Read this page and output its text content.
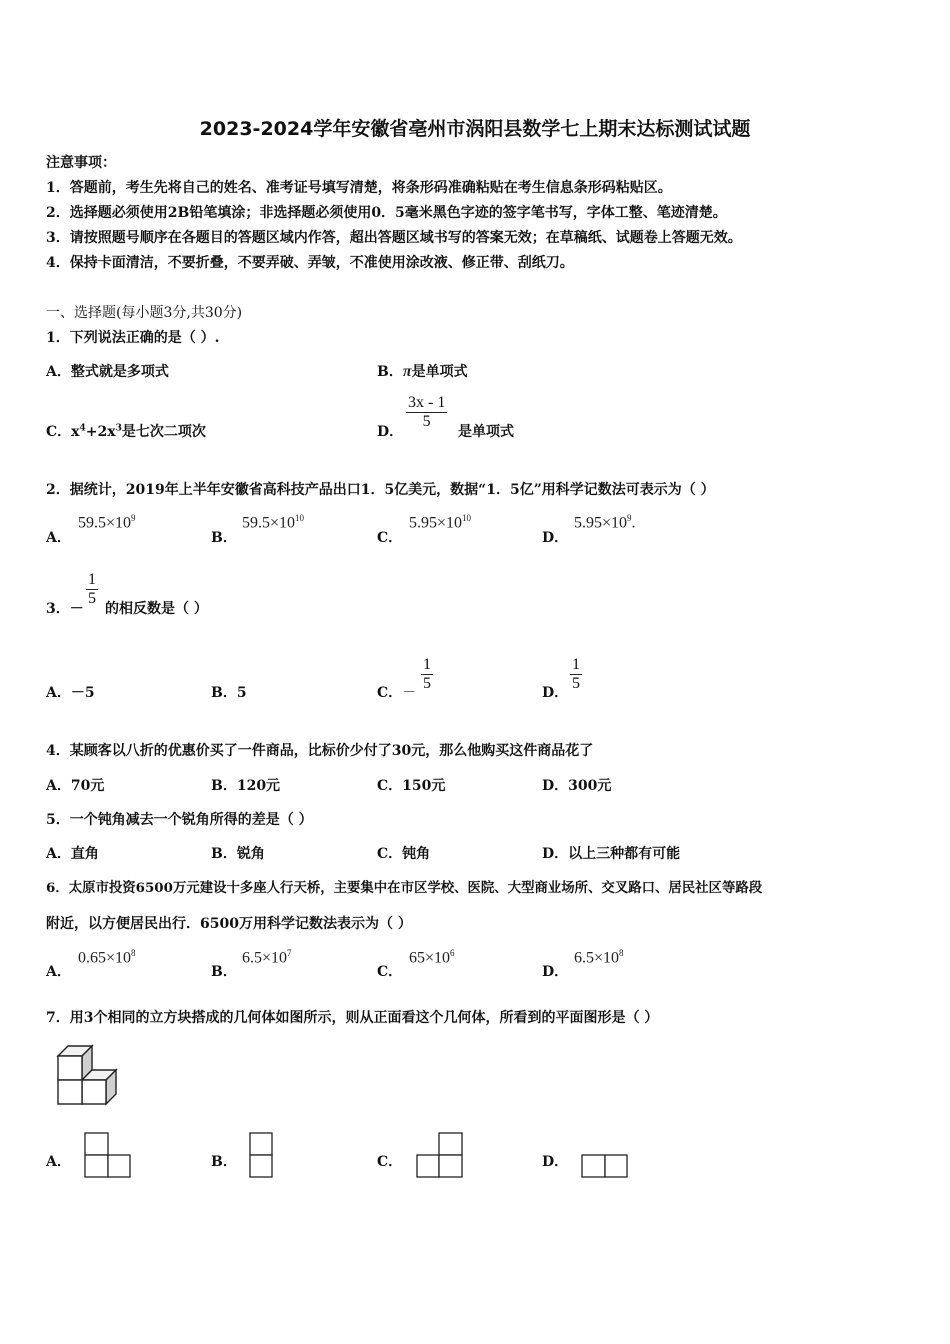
2023-2024学年安徽省亳州市涡阳县数学七上期末达标测试试题
注意事项：
1．答题前，考生先将自己的姓名、准考证号填写清楚，将条形码准确粘贴在考生信息条形码粘贴区。
2．选择题必须使用2B铅笔填涂；非选择题必须使用0．5毫米黑色字迹的签字笔书写，字体工整、笔迹清楚。
3．请按照题号顺序在各题目的答题区域内作答，超出答题区域书写的答案无效；在草稿纸、试题卷上答题无效。
4．保持卡面清洁，不要折叠，不要弄破、弄皱，不准使用涂改液、修正带、刮纸刀。
一、选择题(每小题3分,共30分)
1．下列说法正确的是（ ）.
A．整式就是多项式	B．π是单项式
C．$x^4+2x^3$是七次二项次	D．
$\frac{3x - 1}{5}$
是单项式
2．据统计，2019年上半年安徽省高科技产品出口1．5亿美元，数据“1．5亿”用科学记数法可表示为（ ）
A．
$59.5\times 10^9$
B．
$59.5\times 10^{10}$
C．
$5.95\times 10^{10}$
D．
$5.95\times 10^9$.
3．－
$\frac{1}{5}$
的相反数是（ ）
A．－5	B．5	C．－ $\frac{1}{5}$	D． $\frac{1}{5}$
4．某顾客以八折的优惠价买了一件商品，比标价少付了30元，那么他购买这件商品花了
A．70元	B．120元	C．150元	D．300元
5．一个钝角减去一个锐角所得的差是（ ）
A．直角	B．锐角	C．钝角	D．以上三种都有可能
6．太原市投资6500万元建设十多座人行天桥，主要集中在市区学校、医院、大型商业场所、交叉路口、居民社区等路段
附近，以方便居民出行．6500万用科学记数法表示为（ ）
A．
$0.65\times 10^8$
B．
$6.5\times 10^7$
C．
$65\times 10^6$
D．
$6.5\times 10^8$
7．用3个相同的立方块搭成的几何体如图所示，则从正面看这个几何体，所看到的平面图形是（ ）
A．	B．	C．	D．
